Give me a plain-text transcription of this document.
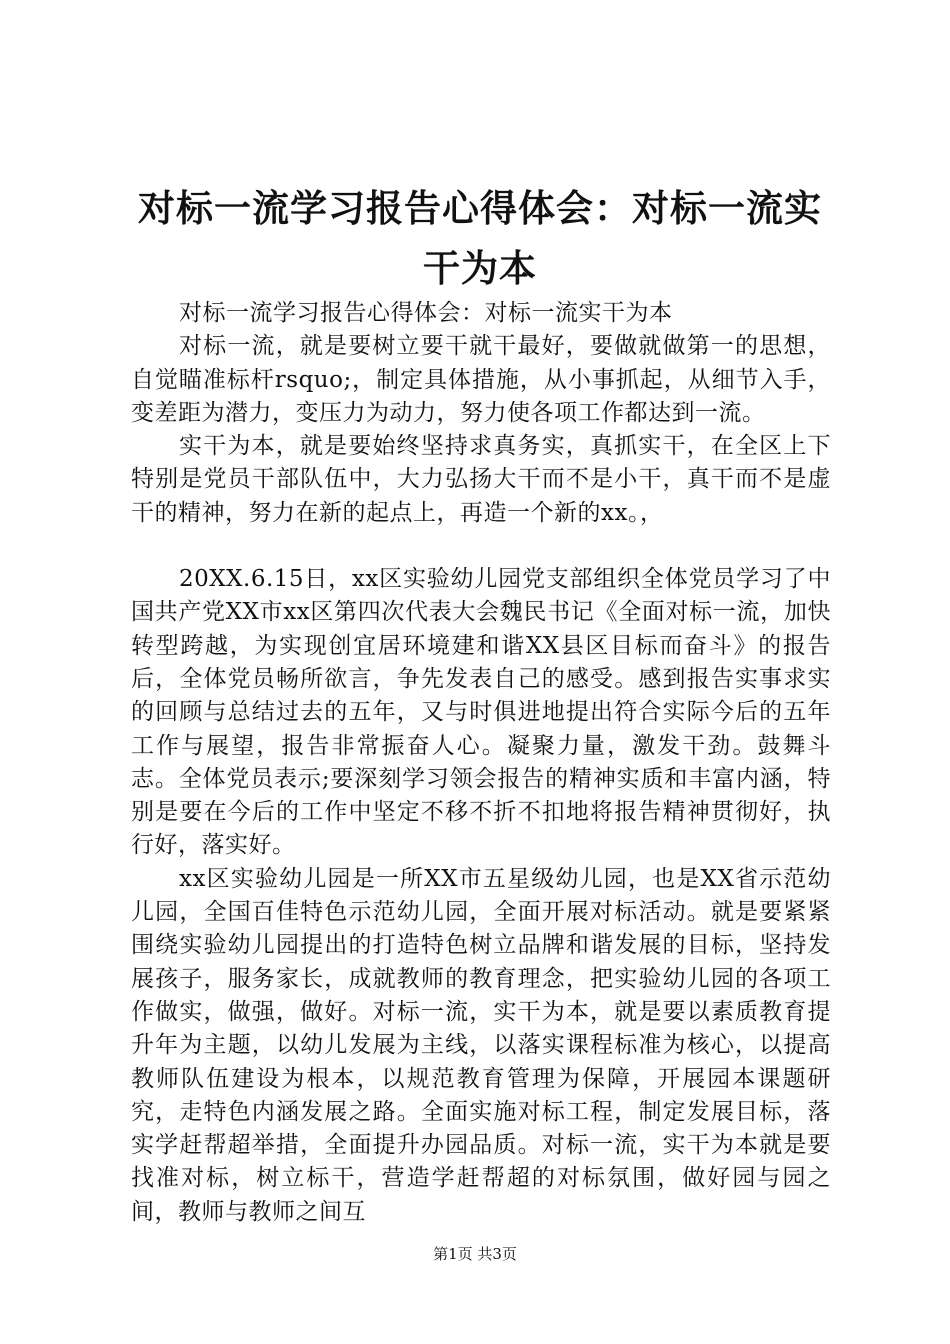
对标一流学习报告心得体会：对标一流实干为本

对标一流学习报告心得体会：对标一流实干为本

对标一流，就是要树立要干就干最好，要做就做第一的思想，自觉瞄准标杆rsquo;，制定具体措施，从小事抓起，从细节入手，变差距为潜力，变压力为动力，努力使各项工作都达到一流。

实干为本，就是要始终坚持求真务实，真抓实干，在全区上下特别是党员干部队伍中，大力弘扬大干而不是小干，真干而不是虚干的精神，努力在新的起点上，再造一个新的xx。，

20XX.6.15日，xx区实验幼儿园党支部组织全体党员学习了中国共产党XX市xx区第四次代表大会魏民书记《全面对标一流，加快转型跨越，为实现创宜居环境建和谐XX县区目标而奋斗》的报告后，全体党员畅所欲言，争先发表自己的感受。感到报告实事求实的回顾与总结过去的五年，又与时俱进地提出符合实际今后的五年工作与展望，报告非常振奋人心。凝聚力量，激发干劲。鼓舞斗志。全体党员表示;要深刻学习领会报告的精神实质和丰富内涵，特别是要在今后的工作中坚定不移不折不扣地将报告精神贯彻好，执行好，落实好。

xx区实验幼儿园是一所XX市五星级幼儿园，也是XX省示范幼儿园，全国百佳特色示范幼儿园，全面开展对标活动。就是要紧紧围绕实验幼儿园提出的打造特色树立品牌和谐发展的目标，坚持发展孩子，服务家长，成就教师的教育理念，把实验幼儿园的各项工作做实，做强，做好。对标一流，实干为本，就是要以素质教育提升年为主题，以幼儿发展为主线，以落实课程标准为核心，以提高教师队伍建设为根本，以规范教育管理为保障，开展园本课题研究，走特色内涵发展之路。全面实施对标工程，制定发展目标，落实学赶帮超举措，全面提升办园品质。对标一流，实干为本就是要找准对标，树立标干，营造学赶帮超的对标氛围，做好园与园之间，教师与教师之间互

第1页 共3页
